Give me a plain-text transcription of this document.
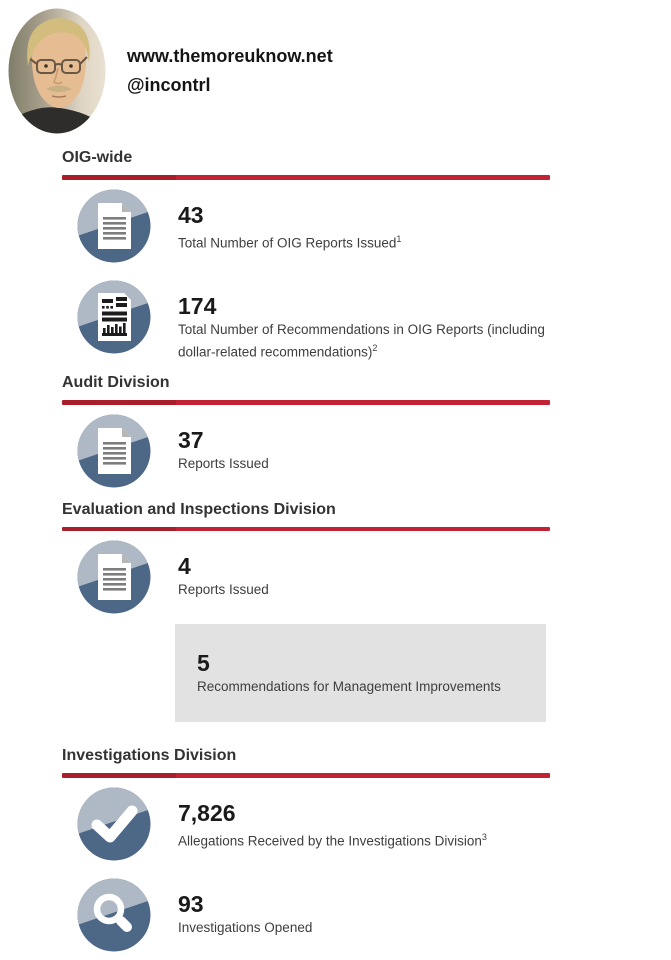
www.themoreuknow.net
@incontrl
OIG-wide
43
Total Number of OIG Reports Issued$^1$
174
Total Number of Recommendations in OIG Reports (including dollar-related recommendations)$^2$
Audit Division
37
Reports Issued
Evaluation and Inspections Division
4
Reports Issued
5
Recommendations for Management Improvements
Investigations Division
7,826
Allegations Received by the Investigations Division$^3$
93
Investigations Opened
